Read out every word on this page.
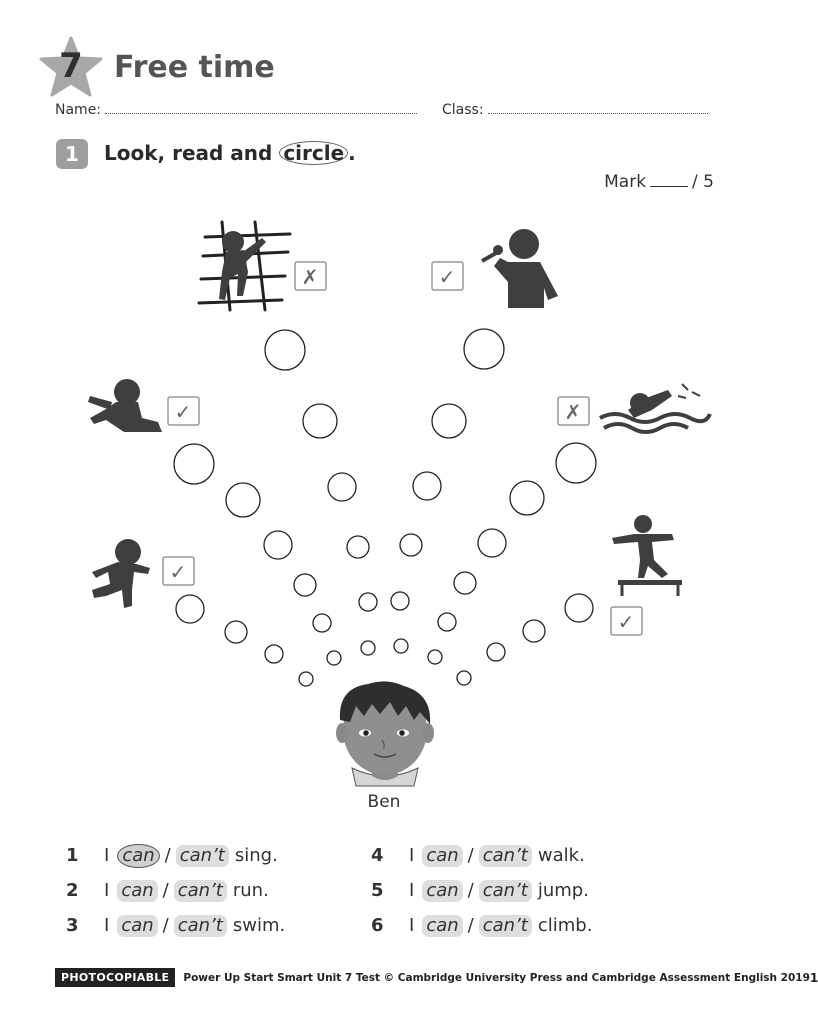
7	Free time
Name:	Class:
1	Look, read and circle .
Mark	/ 5
✗	✓
✓	✗
✓
✓
Ben
1	I can / can’t sing.
2	I can / can’t run.
3	I can / can’t swim.
4	I can / can’t walk.
5	I can / can’t jump.
6	I can / can’t climb.
PHOTOCOPIABLE	Power Up Start Smart Unit 7 Test © Cambridge University Press and Cambridge Assessment English 2019 1
